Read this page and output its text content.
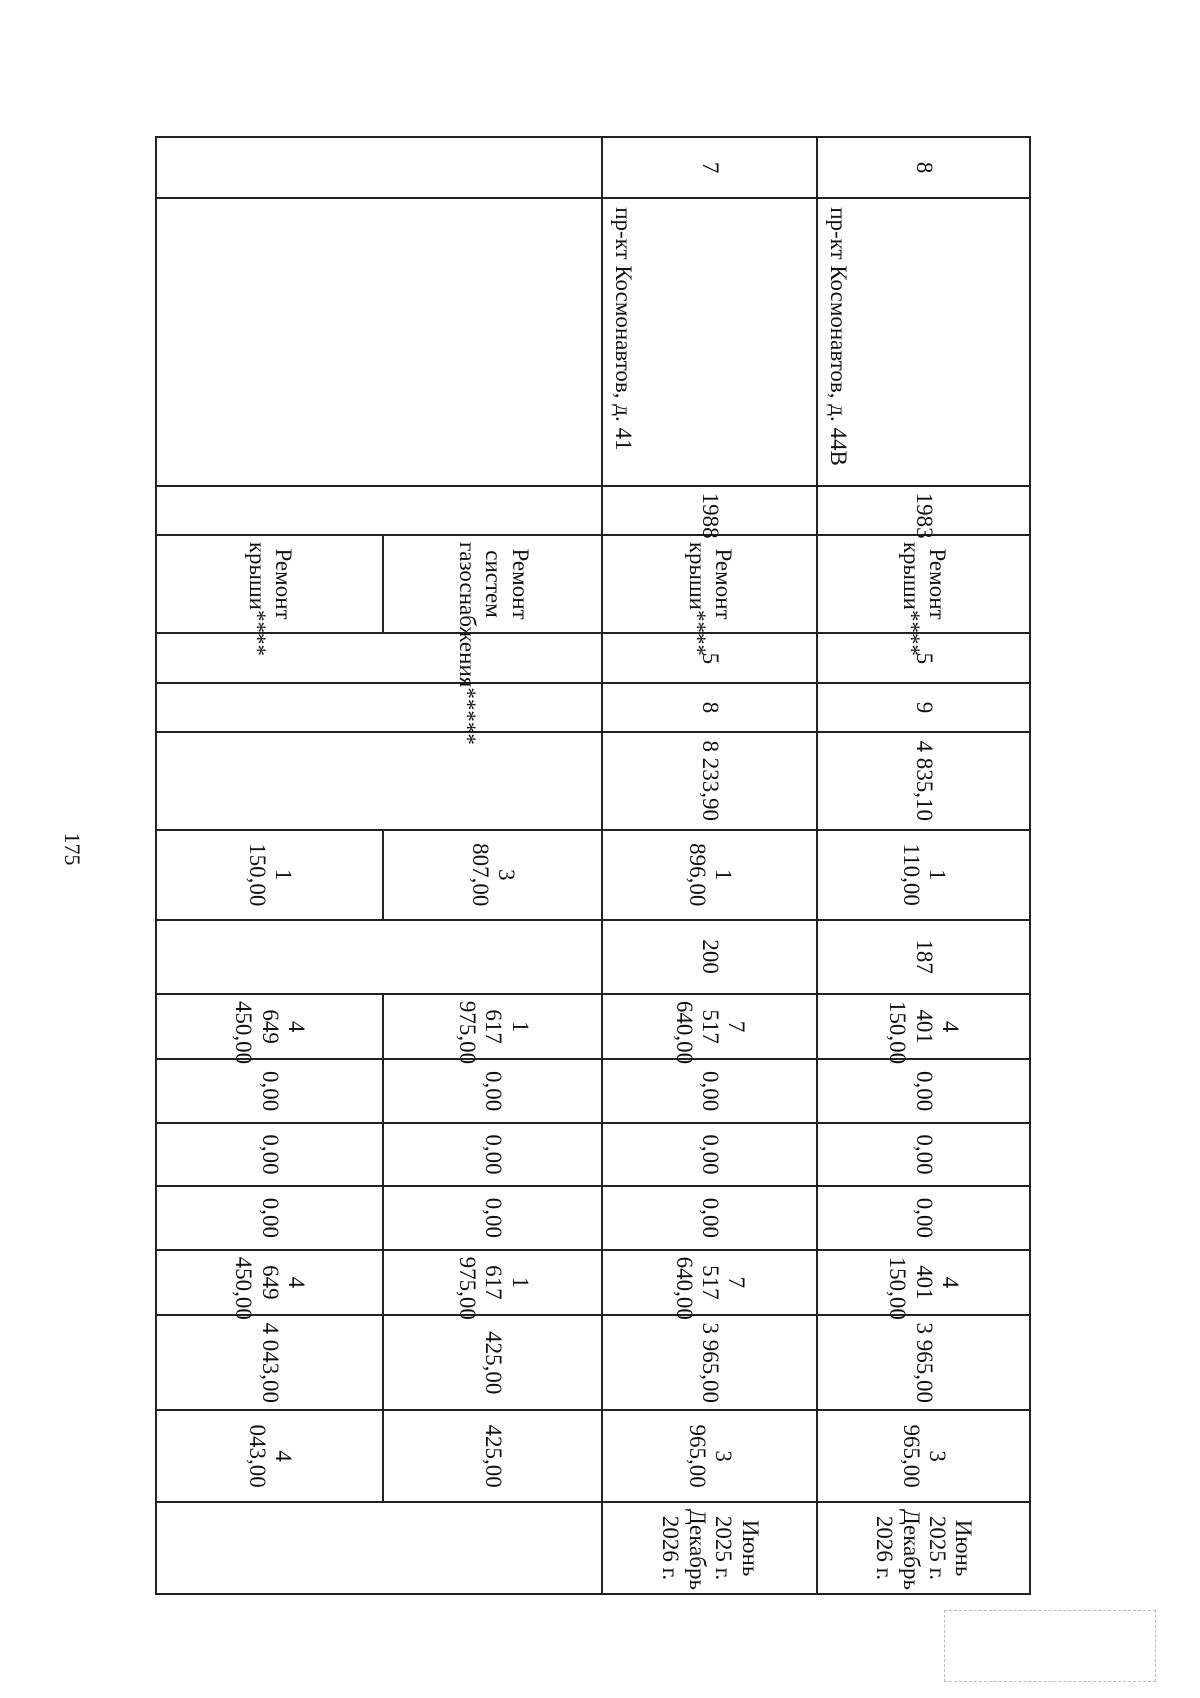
175
8	пр-кт Космонавтов, д. 44В	1983	Ремонт крыши****	5	9	4 835,10	1 110,00	187	4 401 150,00	0,00	0,00	0,00	4 401 150,00	3 965,00	3 965,00	Июнь 2025 г. Декабрь 2026 г.
7	пр-кт Космонавтов, д. 41	1988	Ремонт крыши****	5	8	8 233,90	1 896,00	200	7 517 640,00	0,00	0,00	0,00	7 517 640,00	3 965,00	3 965,00	Июнь 2025 г. Декабрь 2026 г.
			Ремонт систем газоснабжения*****				3 807,00		1 617 975,00	0,00	0,00	0,00	1 617 975,00	425,00	425,00	
			Ремонт крыши****				1 150,00		4 649 450,00	0,00	0,00	0,00	4 649 450,00	4 043,00	4 043,00	
